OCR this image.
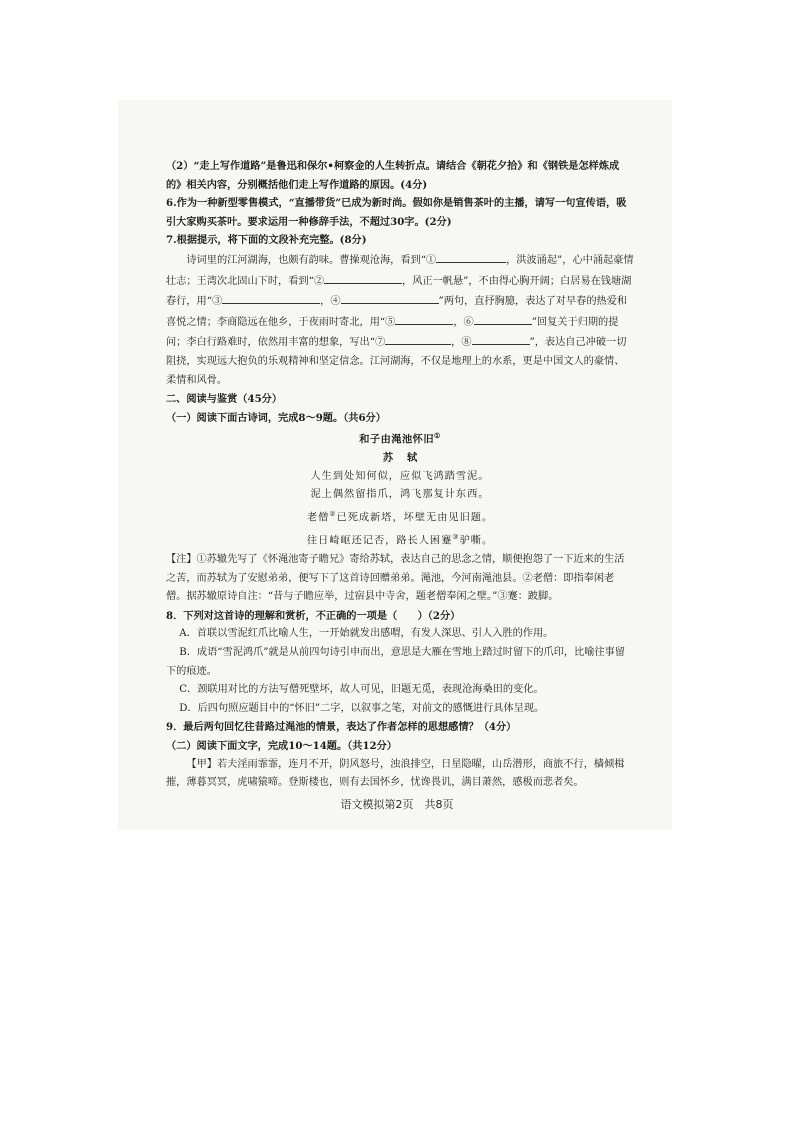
（2）“走上写作道路”是鲁迅和保尔•柯察金的人生转折点。请结合《朝花夕拾》和《钢铁是怎样炼成的》相关内容，分别概括他们走上写作道路的原因。(4分)

6.作为一种新型零售模式，“直播带货”已成为新时尚。假如你是销售茶叶的主播，请写一句宣传语，吸引大家购买茶叶。要求运用一种修辞手法，不超过30字。(2分)

7.根据提示，将下面的文段补充完整。(8分)

诗词里的江河湖海，也颇有韵味。曹操观沧海，看到“①	，洪波涌起”，心中涌起豪情壮志；王湾次北固山下时，看到“②	，风正一帆悬”，不由得心胸开阔；白居易在钱塘湖春行，用“③	，④	”两句，直抒胸臆，表达了对早春的热爱和喜悦之情；李商隐远在他乡，于夜雨时寄北，用“⑤	，⑥	”回复关于归期的提问；李白行路难时，依然用丰富的想象，写出“⑦	，⑧	”，表达自己冲破一切阻挠，实现远大抱负的乐观精神和坚定信念。江河湖海，不仅是地理上的水系，更是中国文人的豪情、柔情和风骨。

二、阅读与鉴赏（45分）

（一）阅读下面古诗词，完成8～9题。（共6分）

和子由渑池怀旧①

苏轼

人生到处知何似，应似飞鸿踏雪泥。

泥上偶然留指爪，鸿飞那复计东西。

老僧②已死成新塔，坏壁无由见旧题。

往日崎岖还记否，路长人困蹇③驴嘶。

【注】①苏辙先写了《怀渑池寄子瞻兄》寄给苏轼，表达自己的思念之情，顺便抱怨了一下近来的生活之苦，而苏轼为了安慰弟弟，便写下了这首诗回赠弟弟。渑池，今河南渑池县。②老僧：即指奉闲老僧。据苏辙原诗自注：“昔与子瞻应举，过宿县中寺舍，题老僧奉闲之壁。”③蹇：跛脚。

8．下列对这首诗的理解和赏析，不正确的一项是（　　）（2分）

A．首联以雪泥红爪比喻人生，一开始就发出感喟，有发人深思、引人入胜的作用。

B．成语“雪泥鸿爪”就是从前四句诗引申而出，意思是大雁在雪地上踏过时留下的爪印，比喻往事留下的痕迹。

C．颈联用对比的方法写僧死壁坏，故人可见，旧题无觅，表现沧海桑田的变化。

D．后四句照应题目中的“怀旧”二字，以叙事之笔，对前文的感慨进行具体呈现。

9．最后两句回忆往昔路过渑池的情景，表达了作者怎样的思想感情？（4分）

（二）阅读下面文字，完成10～14题。（共12分）

【甲】若夫淫雨霏霏，连月不开，阴风怒号，浊浪排空，日星隐曜，山岳潜形，商旅不行，樯倾楫摧，薄暮冥冥，虎啸猿啼。登斯楼也，则有去国怀乡，忧谗畏讥，满目萧然，感极而悲者矣。

语文模拟第2页　共8页
